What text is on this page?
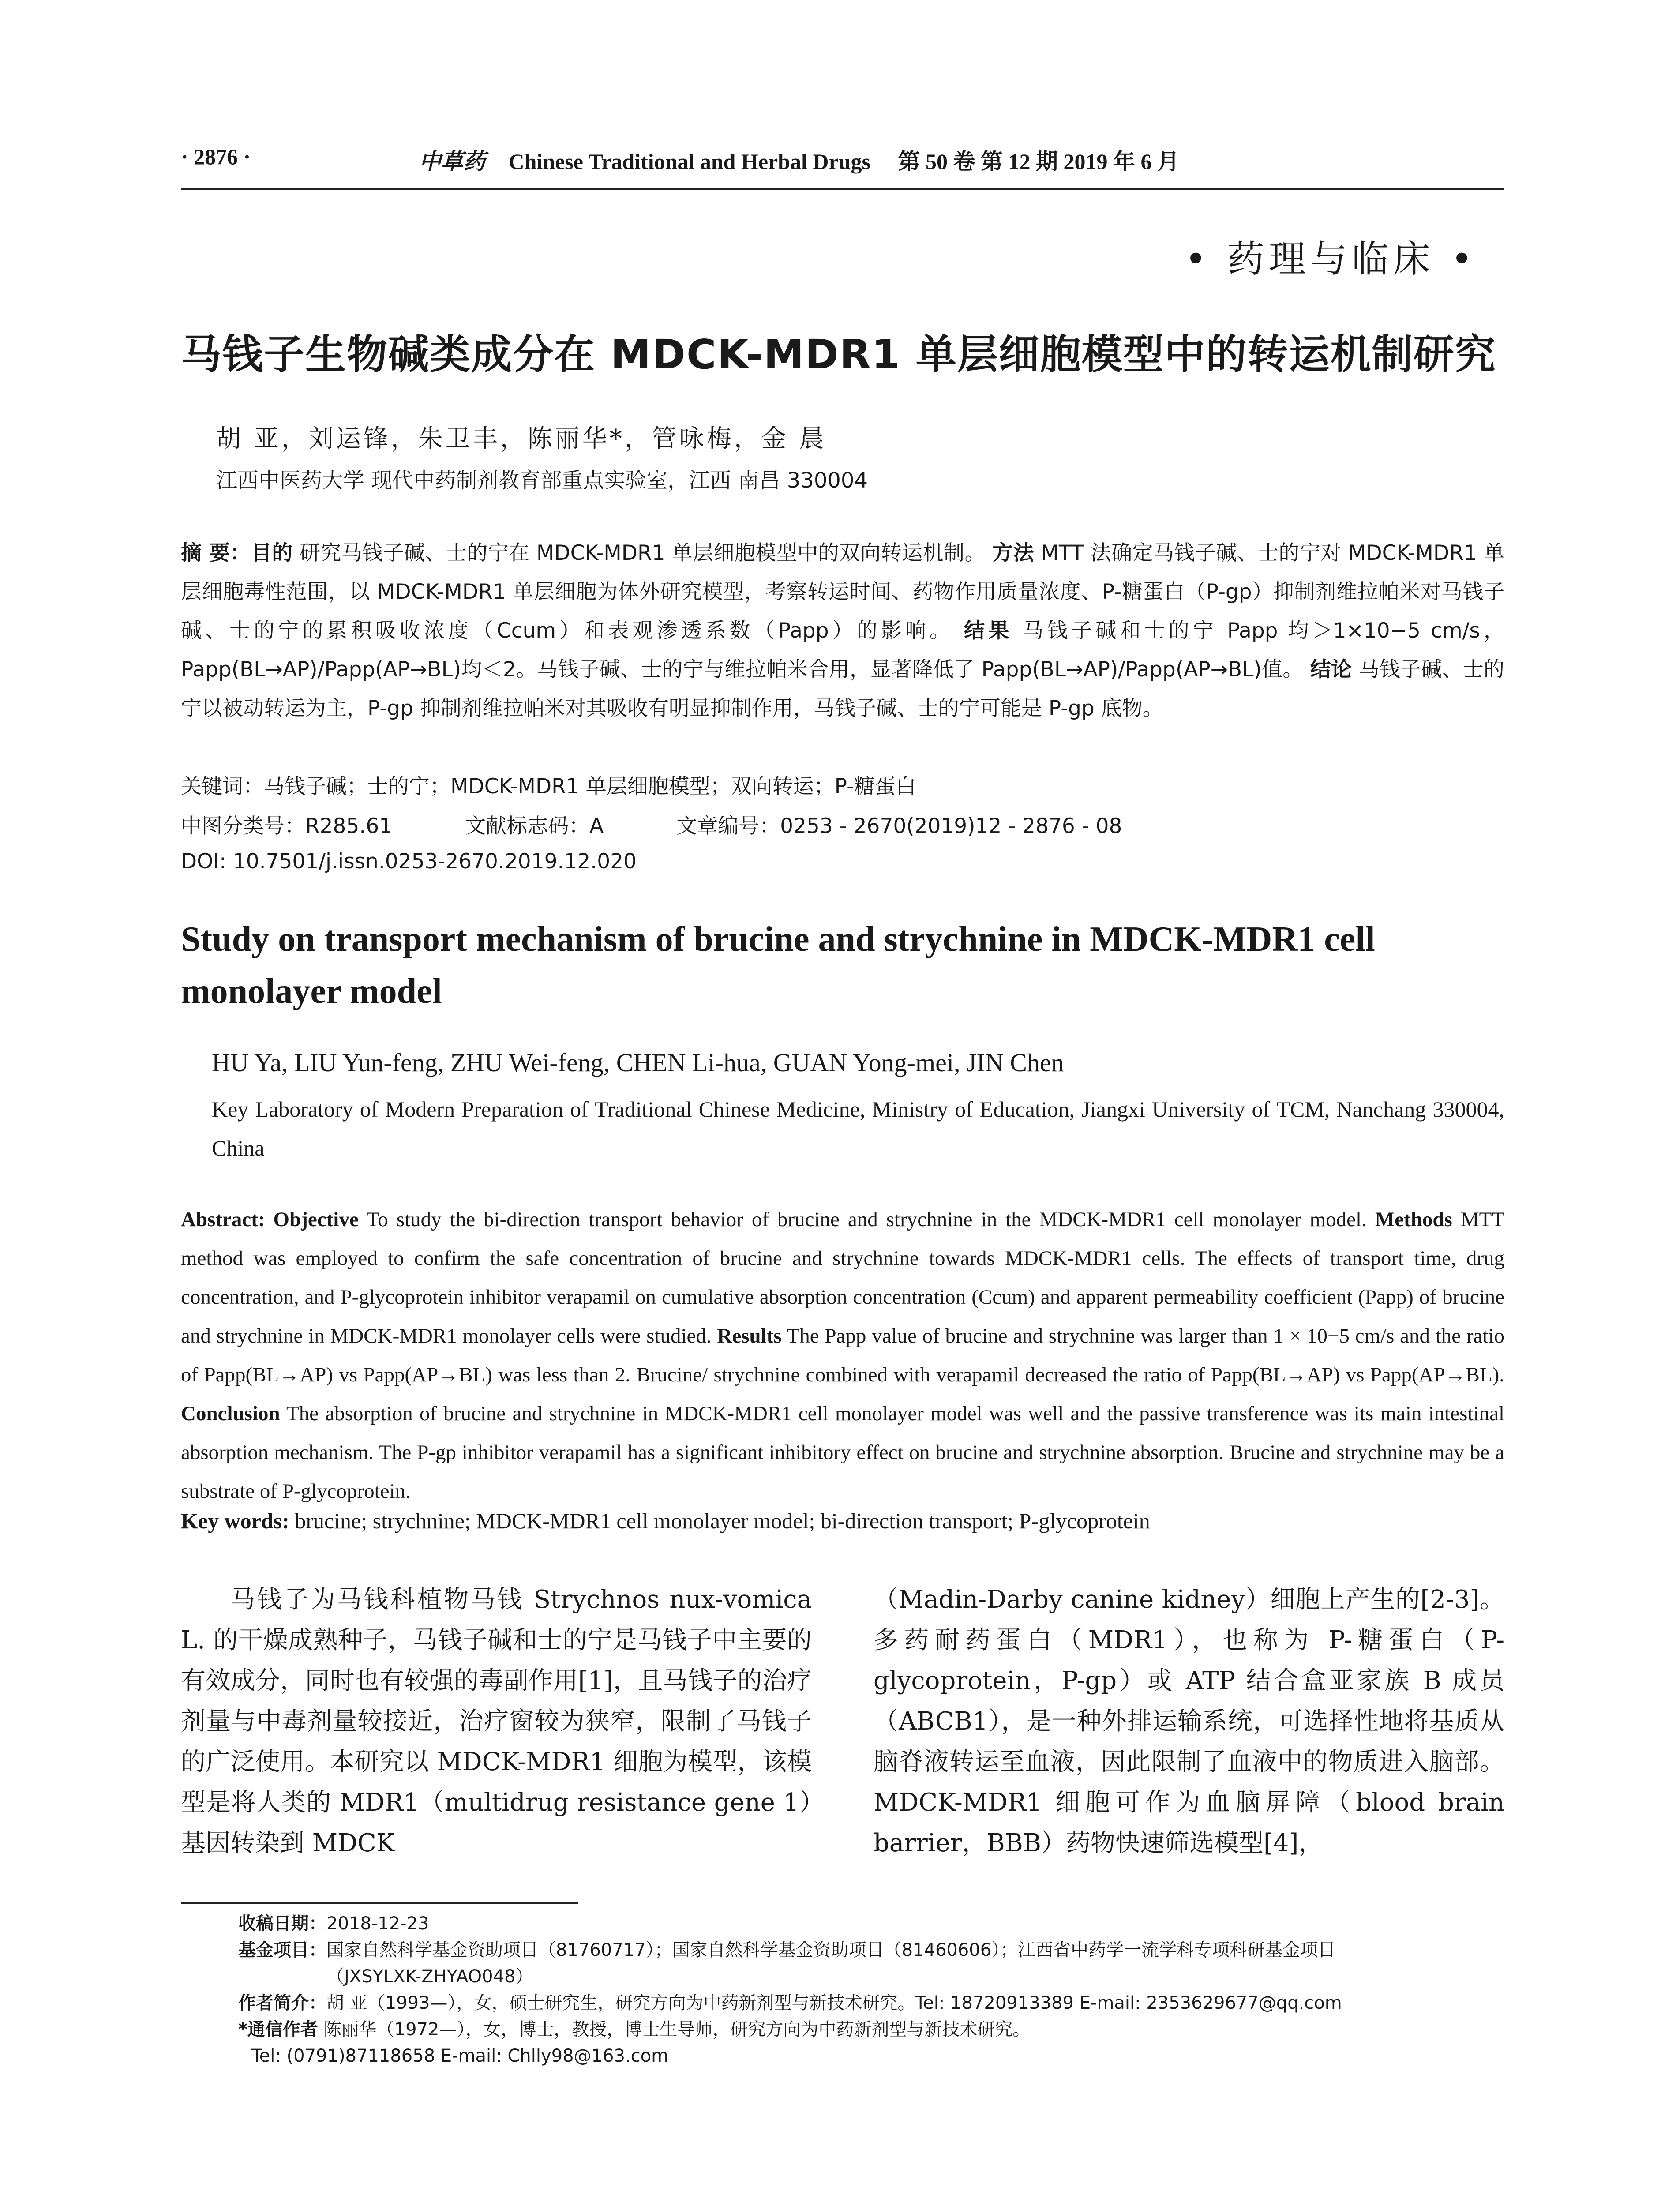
· 2876 ·	中草药 Chinese Traditional and Herbal Drugs 第 50 卷 第 12 期 2019 年 6 月
• 药理与临床 •
马钱子生物碱类成分在 MDCK-MDR1 单层细胞模型中的转运机制研究
胡 亚，刘运锋，朱卫丰，陈丽华*，管咏梅，金 晨
江西中医药大学 现代中药制剂教育部重点实验室，江西 南昌 330004
摘 要：目的 研究马钱子碱、士的宁在 MDCK-MDR1 单层细胞模型中的双向转运机制。 方法 MTT 法确定马钱子碱、士的宁对 MDCK-MDR1 单层细胞毒性范围，以 MDCK-MDR1 单层细胞为体外研究模型，考察转运时间、药物作用质量浓度、P-糖蛋白（P-gp）抑制剂维拉帕米对马钱子碱、士的宁的累积吸收浓度（Ccum）和表观渗透系数（Papp）的影响。 结果 马钱子碱和士的宁 Papp 均＞1×10−5 cm/s，Papp(BL→AP)/Papp(AP→BL)均＜2。马钱子碱、士的宁与维拉帕米合用，显著降低了 Papp(BL→AP)/Papp(AP→BL)值。 结论 马钱子碱、士的宁以被动转运为主，P-gp 抑制剂维拉帕米对其吸收有明显抑制作用，马钱子碱、士的宁可能是 P-gp 底物。
关键词：马钱子碱；士的宁；MDCK-MDR1 单层细胞模型；双向转运；P-糖蛋白
中图分类号：R285.61	文献标志码：A	文章编号：0253 - 2670(2019)12 - 2876 - 08
DOI: 10.7501/j.issn.0253-2670.2019.12.020
Study on transport mechanism of brucine and strychnine in MDCK-MDR1 cell monolayer model
HU Ya, LIU Yun-feng, ZHU Wei-feng, CHEN Li-hua, GUAN Yong-mei, JIN Chen
Key Laboratory of Modern Preparation of Traditional Chinese Medicine, Ministry of Education, Jiangxi University of TCM, Nanchang 330004, China
Abstract: Objective To study the bi-direction transport behavior of brucine and strychnine in the MDCK-MDR1 cell monolayer model. Methods MTT method was employed to confirm the safe concentration of brucine and strychnine towards MDCK-MDR1 cells. The effects of transport time, drug concentration, and P-glycoprotein inhibitor verapamil on cumulative absorption concentration (Ccum) and apparent permeability coefficient (Papp) of brucine and strychnine in MDCK-MDR1 monolayer cells were studied. Results The Papp value of brucine and strychnine was larger than 1 × 10−5 cm/s and the ratio of Papp(BL→AP) vs Papp(AP→BL) was less than 2. Brucine/ strychnine combined with verapamil decreased the ratio of Papp(BL→AP) vs Papp(AP→BL). Conclusion The absorption of brucine and strychnine in MDCK-MDR1 cell monolayer model was well and the passive transference was its main intestinal absorption mechanism. The P-gp inhibitor verapamil has a significant inhibitory effect on brucine and strychnine absorption. Brucine and strychnine may be a substrate of P-glycoprotein.
Key words: brucine; strychnine; MDCK-MDR1 cell monolayer model; bi-direction transport; P-glycoprotein

马钱子为马钱科植物马钱 Strychnos nux-vomica L. 的干燥成熟种子，马钱子碱和士的宁是马钱子中主要的有效成分，同时也有较强的毒副作用[1]，且马钱子的治疗剂量与中毒剂量较接近，治疗窗较为狭窄，限制了马钱子的广泛使用。本研究以 MDCK-MDR1 细胞为模型，该模型是将人类的 MDR1（multidrug resistance gene 1）基因转染到 MDCK

（Madin-Darby canine kidney）细胞上产生的[2-3]。多药耐药蛋白（MDR1），也称为 P-糖蛋白（P-glycoprotein，P-gp）或 ATP 结合盒亚家族 B 成员（ABCB1），是一种外排运输系统，可选择性地将基质从脑脊液转运至血液，因此限制了血液中的物质进入脑部。MDCK-MDR1 细胞可作为血脑屏障（blood brain barrier，BBB）药物快速筛选模型[4]，

收稿日期：2018-12-23
基金项目：国家自然科学基金资助项目（81760717）；国家自然科学基金资助项目（81460606）；江西省中药学一流学科专项科研基金项目
（JXSYLXK-ZHYAO048）
作者简介：胡 亚（1993—），女，硕士研究生，研究方向为中药新剂型与新技术研究。Tel: 18720913389 E-mail: 2353629677@qq.com
*通信作者 陈丽华（1972—），女，博士，教授，博士生导师，研究方向为中药新剂型与新技术研究。
Tel: (0791)87118658 E-mail: Chlly98@163.com
